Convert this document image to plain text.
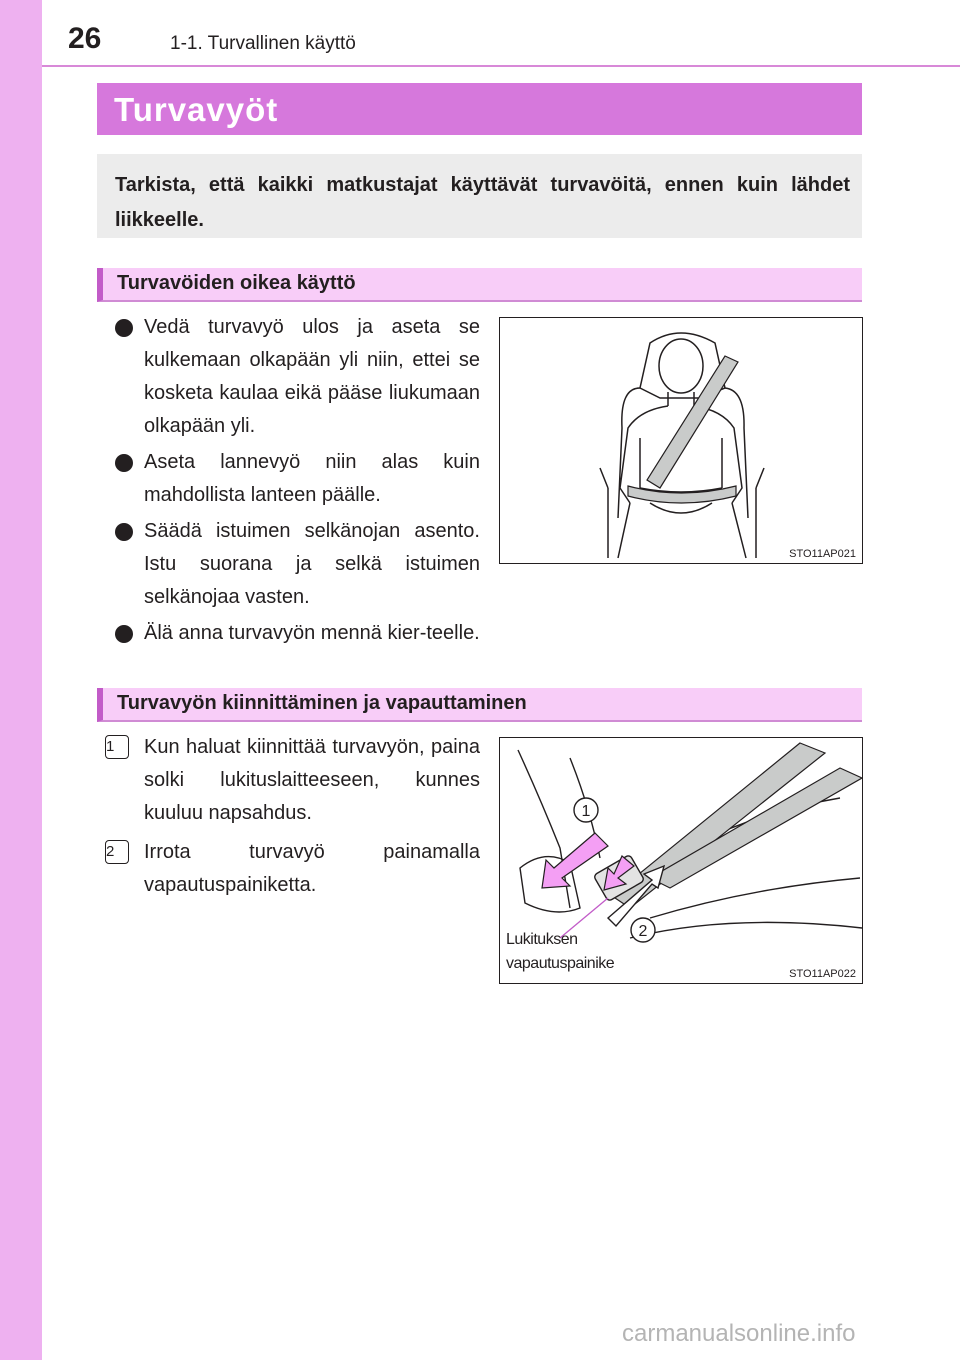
26	1-1. Turvallinen käyttö
Turvavyöt
Tarkista, että kaikki matkustajat käyttävät turvavöitä, ennen kuin lähdet liikkeelle.
Turvavöiden oikea käyttö
Vedä turvavyö ulos ja aseta se kulkemaan olkapään yli niin, ettei se kosketa kaulaa eikä pääse liukumaan olkapään yli.
Aseta lannevyö niin alas kuin mahdollista lanteen päälle.
Säädä istuimen selkänojan asento. Istu suorana ja selkä istuimen selkänojaa vasten.
Älä anna turvavyön mennä kier-teelle.
STO11AP021
Turvavyön kiinnittäminen ja vapauttaminen
1	Kun haluat kiinnittää turvavyön, paina solki lukituslaitteeseen, kunnes kuuluu napsahdus.
2	Irrota turvavyö painamalla vapautuspainiketta.
1
2
Lukituksen
vapautuspainike
STO11AP022
carmanualsonline.info
